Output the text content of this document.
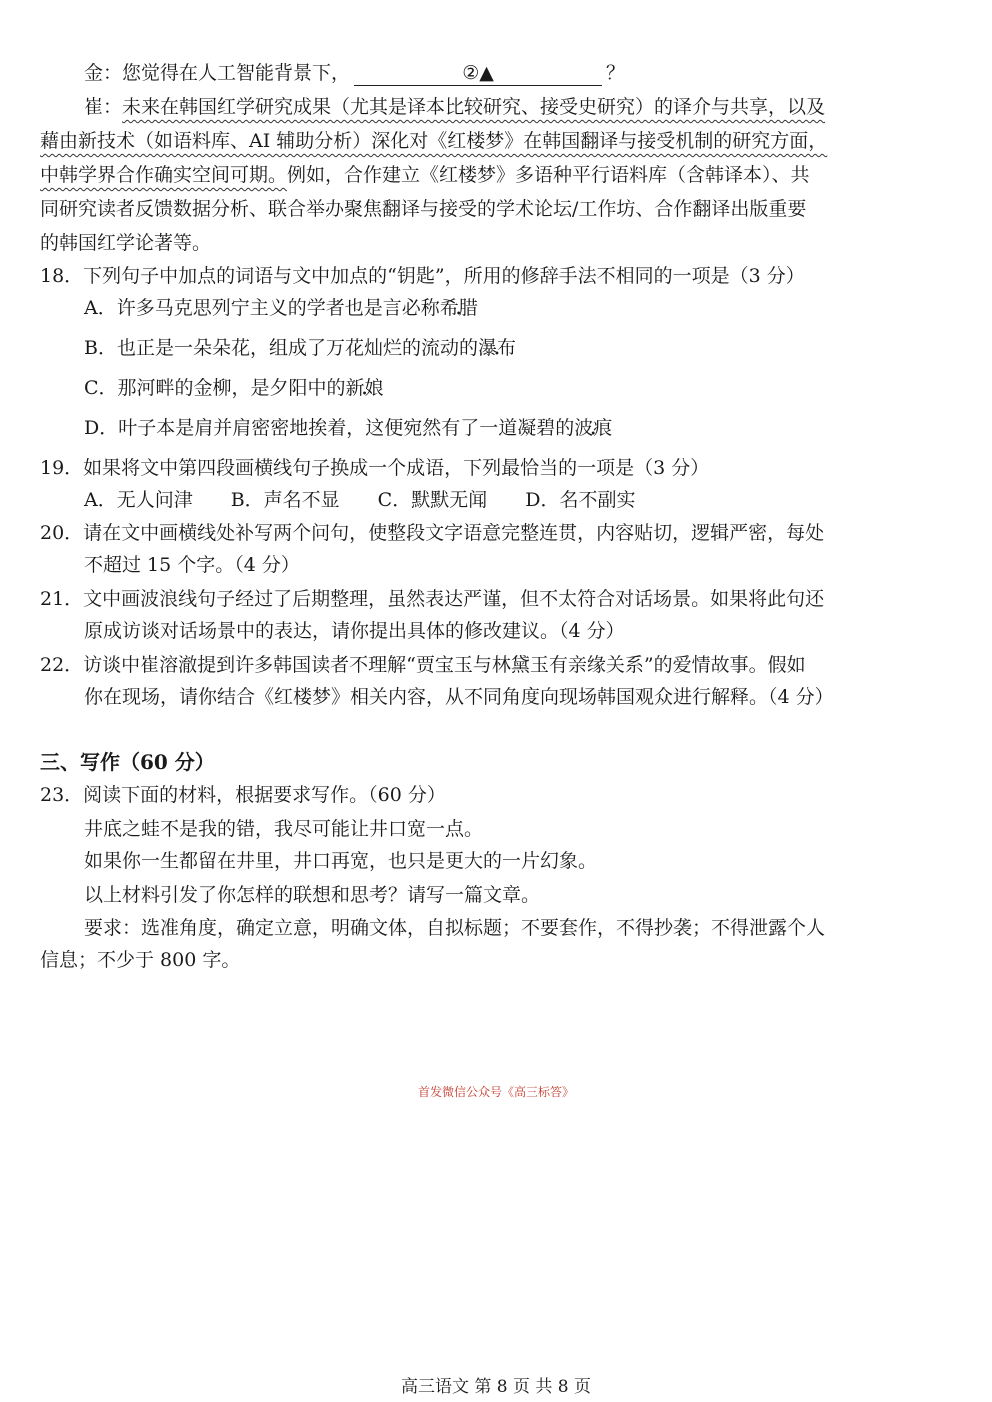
金：您觉得在人工智能背景下，	②▲	？
崔：未来在韩国红学研究成果（尤其是译本比较研究、接受史研究）的译介与共享，以及
藉由新技术（如语料库、AI 辅助分析）深化对《红楼梦》在韩国翻译与接受机制的研究方面，
中韩学界合作确实空间可期。例如，合作建立《红楼梦》多语种平行语料库（含韩译本）、共
同研究读者反馈数据分析、联合举办聚焦翻译与接受的学术论坛/工作坊、合作翻译出版重要
的韩国红学论著等。
18．下列句子中加点的词语与文中加点的“钥匙”，所用的修辞手法不相同的一项是（3 分）
A．许多马克思列宁主义的学者也是言必称希腊 •
B．也正是一朵朵花，组成了万花灿烂的流动的瀑布 •
C．那河畔的金柳，是夕阳中的新娘 •
D．叶子本是肩并肩密密地挨着，这便宛然有了一道凝碧的波痕 •
19．如果将文中第四段画横线句子换成一个成语，下列最恰当的一项是（3 分）
A．无人问津　　B．声名不显　　C．默默无闻　　D．名不副实
20．请在文中画横线处补写两个问句，使整段文字语意完整连贯，内容贴切，逻辑严密，每处
不超过 15 个字。（4 分）
21．文中画波浪线句子经过了后期整理，虽然表达严谨，但不太符合对话场景。如果将此句还
原成访谈对话场景中的表达，请你提出具体的修改建议。（4 分）
22．访谈中崔溶澈提到许多韩国读者不理解“贾宝玉与林黛玉有亲缘关系”的爱情故事。假如
你在现场，请你结合《红楼梦》相关内容，从不同角度向现场韩国观众进行解释。（4 分）
三、写作（60 分）
23．阅读下面的材料，根据要求写作。（60 分）
井底之蛙不是我的错，我尽可能让井口宽一点。
如果你一生都留在井里，井口再宽，也只是更大的一片幻象。
以上材料引发了你怎样的联想和思考？请写一篇文章。
要求：选准角度，确定立意，明确文体，自拟标题；不要套作，不得抄袭；不得泄露个人
信息；不少于 800 字。
首发微信公众号《高三标答》
高三语文 第 8 页 共 8 页
